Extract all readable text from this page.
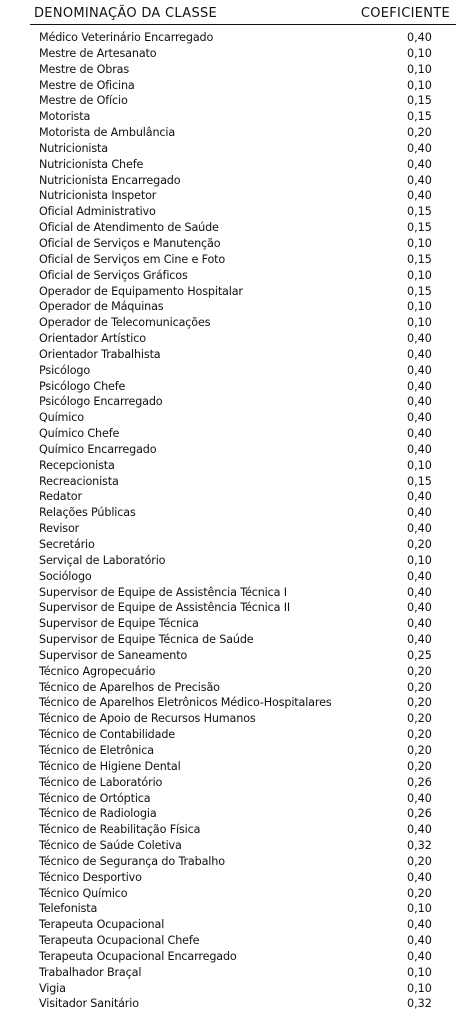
DENOMINAÇÃO DA CLASSE	COEFICIENTE
Médico Veterinário Encarregado	0,40
Mestre de Artesanato	0,10
Mestre de Obras	0,10
Mestre de Oficina	0,10
Mestre de Ofício	0,15
Motorista	0,15
Motorista de Ambulância	0,20
Nutricionista	0,40
Nutricionista Chefe	0,40
Nutricionista Encarregado	0,40
Nutricionista Inspetor	0,40
Oficial Administrativo	0,15
Oficial de Atendimento de Saúde	0,15
Oficial de Serviços e Manutenção	0,10
Oficial de Serviços em Cine e Foto	0,15
Oficial de Serviços Gráficos	0,10
Operador de Equipamento Hospitalar	0,15
Operador de Máquinas	0,10
Operador de Telecomunicações	0,10
Orientador Artístico	0,40
Orientador Trabalhista	0,40
Psicólogo	0,40
Psicólogo Chefe	0,40
Psicólogo Encarregado	0,40
Químico	0,40
Químico Chefe	0,40
Químico Encarregado	0,40
Recepcionista	0,10
Recreacionista	0,15
Redator	0,40
Relações Públicas	0,40
Revisor	0,40
Secretário	0,20
Serviçal de Laboratório	0,10
Sociólogo	0,40
Supervisor de Equipe de Assistência Técnica I	0,40
Supervisor de Equipe de Assistência Técnica II	0,40
Supervisor de Equipe Técnica	0,40
Supervisor de Equipe Técnica de Saúde	0,40
Supervisor de Saneamento	0,25
Técnico Agropecuário	0,20
Técnico de Aparelhos de Precisão	0,20
Técnico de Aparelhos Eletrônicos Médico-Hospitalares	0,20
Técnico de Apoio de Recursos Humanos	0,20
Técnico de Contabilidade	0,20
Técnico de Eletrônica	0,20
Técnico de Higiene Dental	0,20
Técnico de Laboratório	0,26
Técnico de Ortóptica	0,40
Técnico de Radiologia	0,26
Técnico de Reabilitação Física	0,40
Técnico de Saúde Coletiva	0,32
Técnico de Segurança do Trabalho	0,20
Técnico Desportivo	0,40
Técnico Químico	0,20
Telefonista	0,10
Terapeuta Ocupacional	0,40
Terapeuta Ocupacional Chefe	0,40
Terapeuta Ocupacional Encarregado	0,40
Trabalhador Braçal	0,10
Vigia	0,10
Visitador Sanitário	0,32
